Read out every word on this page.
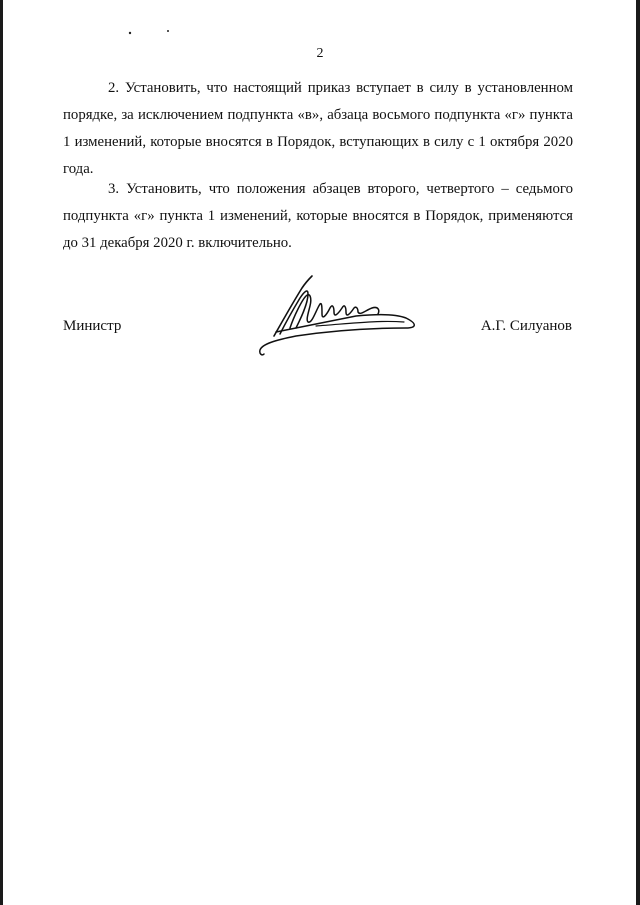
2

2. Установить, что настоящий приказ вступает в силу в установленном порядке, за исключением подпункта «в», абзаца восьмого подпункта «г» пункта 1 изменений, которые вносятся в Порядок, вступающих в силу с 1 октября 2020 года.

3. Установить, что положения абзацев второго, четвертого – седьмого подпункта «г» пункта 1 изменений, которые вносятся в Порядок, применяются до 31 декабря 2020 г. включительно.

Министр	А.Г. Силуанов
